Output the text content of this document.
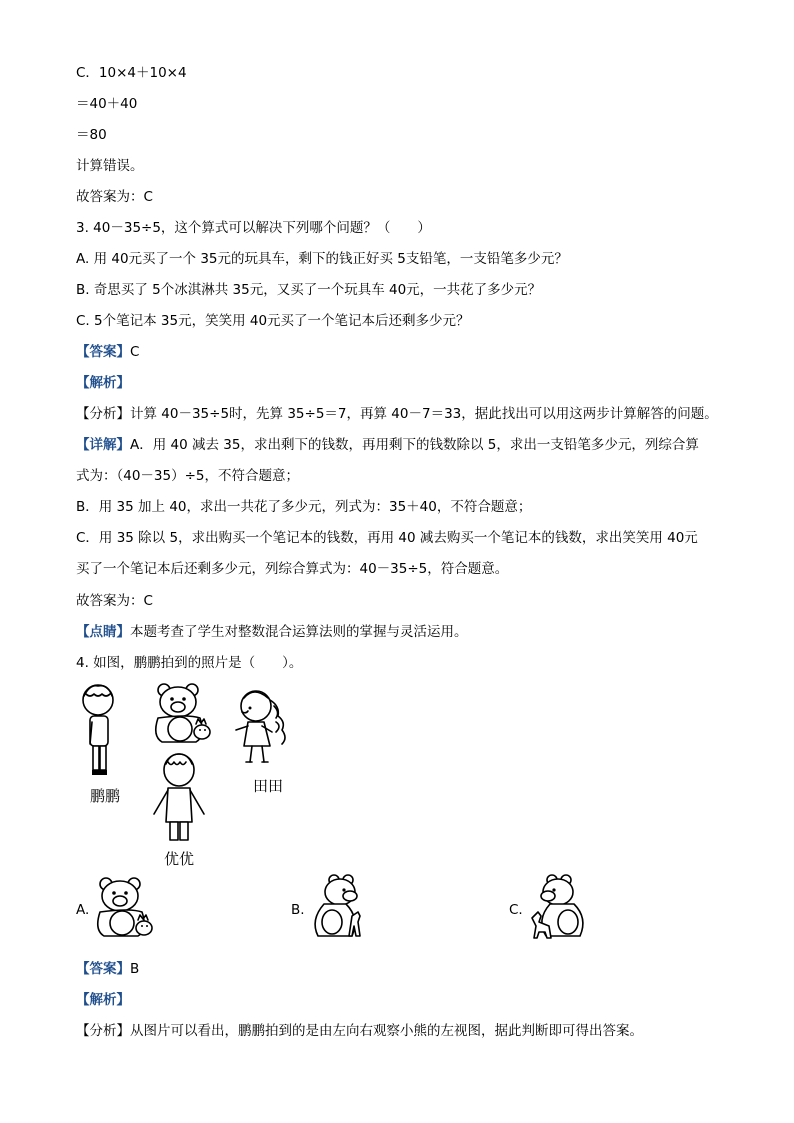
C．10×4＋10×4
＝40＋40
＝80
计算错误。
故答案为：C
3. 40－35÷5，这个算式可以解决下列哪个问题？（　　）
A. 用 40元买了一个 35元的玩具车，剩下的钱正好买 5支铅笔，一支铅笔多少元？
B. 奇思买了 5个冰淇淋共 35元，又买了一个玩具车 40元，一共花了多少元？
C. 5个笔记本 35元，笑笑用 40元买了一个笔记本后还剩多少元？
【答案】C
【解析】
【分析】计算 40－35÷5时，先算 35÷5＝7，再算 40－7＝33，据此找出可以用这两步计算解答的问题。
【详解】A．用 40 减去 35，求出剩下的钱数，再用剩下的钱数除以 5，求出一支铅笔多少元，列综合算
式为：（40－35）÷5，不符合题意；
B．用 35 加上 40，求出一共花了多少元，列式为：35＋40，不符合题意；
C．用 35 除以 5，求出购买一个笔记本的钱数，再用 40 减去购买一个笔记本的钱数，求出笑笑用 40元
买了一个笔记本后还剩多少元，列综合算式为：40－35÷5，符合题意。
故答案为：C
【点睛】本题考查了学生对整数混合运算法则的掌握与灵活运用。
4. 如图，鹏鹏拍到的照片是（　　）。
鹏鹏
田田
优优
A.	B.	C.
【答案】B
【解析】
【分析】从图片可以看出，鹏鹏拍到的是由左向右观察小熊的左视图，据此判断即可得出答案。
